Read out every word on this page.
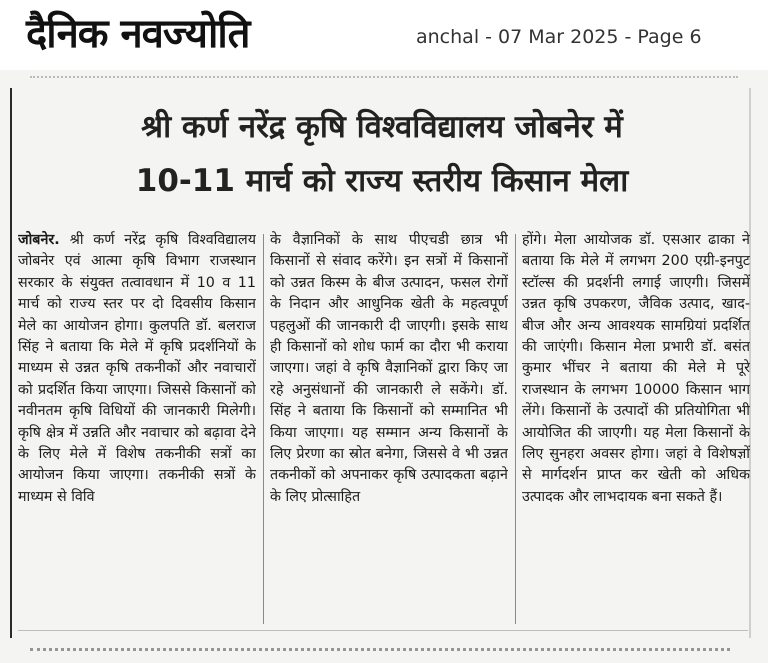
दैनिक नवज्योति	anchal - 07 Mar 2025 - Page 6
श्री कर्ण नरेंद्र कृषि विश्वविद्यालय जोबनेर में
10-11 मार्च को राज्य स्तरीय किसान मेला
जोबनेर. श्री कर्ण नरेंद्र कृषि विश्वविद्यालय जोबनेर एवं आत्मा कृषि विभाग राजस्थान सरकार के संयुक्त तत्वावधान में 10 व 11 मार्च को राज्य स्तर पर दो दिवसीय किसान मेले का आयोजन होगा। कुलपति डॉ. बलराज सिंह ने बताया कि मेले में कृषि प्रदर्शनियों के माध्यम से उन्नत कृषि तकनीकों और नवाचारों को प्रदर्शित किया जाएगा। जिससे किसानों को नवीनतम कृषि विधियों की जानकारी मिलेगी। कृषि क्षेत्र में उन्नति और नवाचार को बढ़ावा देने के लिए मेले में विशेष तकनीकी सत्रों का आयोजन किया जाएगा। तकनीकी सत्रों के माध्यम से विवि
के वैज्ञानिकों के साथ पीएचडी छात्र भी किसानों से संवाद करेंगे। इन सत्रों में किसानों को उन्नत किस्म के बीज उत्पादन, फसल रोगों के निदान और आधुनिक खेती के महत्वपूर्ण पहलुओं की जानकारी दी जाएगी। इसके साथ ही किसानों को शोध फार्म का दौरा भी कराया जाएगा। जहां वे कृषि वैज्ञानिकों द्वारा किए जा रहे अनुसंधानों की जानकारी ले सकेंगे। डॉ. सिंह ने बताया कि किसानों को सम्मानित भी किया जाएगा। यह सम्मान अन्य किसानों के लिए प्रेरणा का स्रोत बनेगा, जिससे वे भी उन्नत तकनीकों को अपनाकर कृषि उत्पादकता बढ़ाने के लिए प्रोत्साहित
होंगे। मेला आयोजक डॉ. एसआर ढाका ने बताया कि मेले में लगभग 200 एग्री-इनपुट स्टॉल्स की प्रदर्शनी लगाई जाएगी। जिसमें उन्नत कृषि उपकरण, जैविक उत्पाद, खाद-बीज और अन्य आवश्यक सामग्रियां प्रदर्शित की जाएंगी। किसान मेला प्रभारी डॉ. बसंत कुमार भींचर ने बताया की मेले मे पूरे राजस्थान के लगभग 10000 किसान भाग लेंगे। किसानों के उत्पादों की प्रतियोगिता भी आयोजित की जाएगी। यह मेला किसानों के लिए सुनहरा अवसर होगा। जहां वे विशेषज्ञों से मार्गदर्शन प्राप्त कर खेती को अधिक उत्पादक और लाभदायक बना सकते हैं।
